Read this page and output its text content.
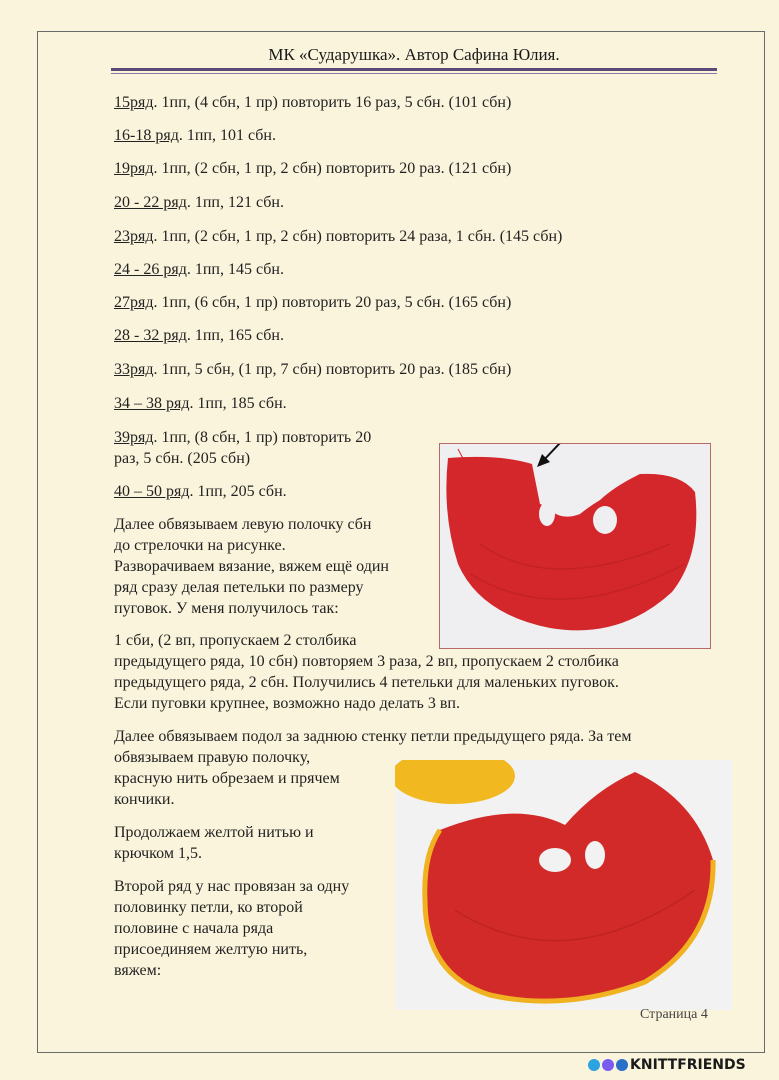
МК «Сударушка». Автор Сафина Юлия.
15ряд. 1пп, (4 сбн, 1 пр) повторить 16 раз, 5 сбн. (101 сбн)
16-18 ряд. 1пп, 101 сбн.
19ряд. 1пп, (2 сбн, 1 пр, 2 сбн) повторить 20 раз. (121 сбн)
20 - 22 ряд. 1пп, 121 сбн.
23ряд. 1пп, (2 сбн, 1 пр, 2 сбн) повторить 24 раза, 1 сбн. (145 сбн)
24 - 26 ряд. 1пп, 145 сбн.
27ряд. 1пп, (6 сбн, 1 пр) повторить 20 раз, 5 сбн. (165 сбн)
28 - 32 ряд. 1пп, 165 сбн.
33ряд. 1пп, 5 сбн, (1 пр, 7 сбн) повторить 20 раз. (185 сбн)
34 – 38 ряд. 1пп, 185 сбн.
39ряд. 1пп, (8 сбн, 1 пр) повторить 20
раз, 5 сбн. (205 сбн)
40 – 50 ряд. 1пп, 205 сбн.
Далее обвязываем левую полочку сбн
до стрелочки на рисунке.
Разворачиваем вязание, вяжем ещё один
ряд сразу делая петельки по размеру
пуговок. У меня получилось так:
1 сби, (2 вп, пропускаем 2 столбика
предыдущего ряда, 10 сбн) повторяем 3 раза, 2 вп, пропускаем 2 столбика
предыдущего ряда, 2 сбн. Получились 4 петельки для маленьких пуговок.
Если пуговки крупнее, возможно надо делать 3 вп.
Далее обвязываем подол за заднюю стенку петли предыдущего ряда. За тем
обвязываем правую полочку,
красную нить обрезаем и прячем
кончики.
Продолжаем желтой нитью и
крючком 1,5.
Второй ряд у нас провязан за одну
половинку петли, ко второй
половине с начала ряда
присоединяем желтую нить,
вяжем:
Страница 4
KNITTFRIENDS
